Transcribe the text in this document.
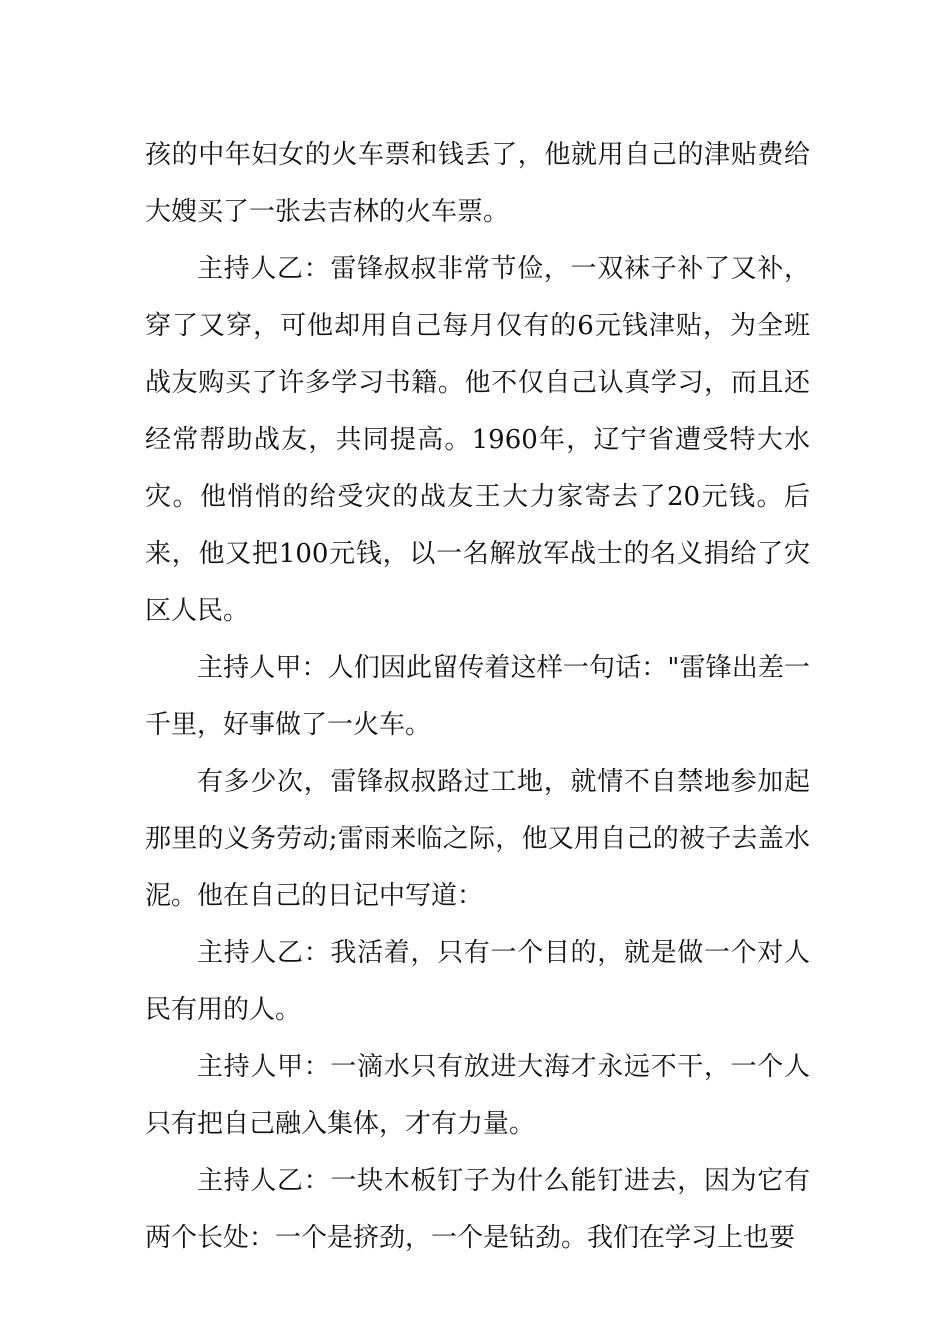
孩的中年妇女的火车票和钱丢了，他就用自己的津贴费给大嫂买了一张去吉林的火车票。

主持人乙：雷锋叔叔非常节俭，一双袜子补了又补，穿了又穿，可他却用自己每月仅有的6元钱津贴，为全班战友购买了许多学习书籍。他不仅自己认真学习，而且还经常帮助战友，共同提高。1960年，辽宁省遭受特大水灾。他悄悄的给受灾的战友王大力家寄去了20元钱。后来，他又把100元钱，以一名解放军战士的名义捐给了灾区人民。

主持人甲：人们因此留传着这样一句话："雷锋出差一千里，好事做了一火车。

有多少次，雷锋叔叔路过工地，就情不自禁地参加起那里的义务劳动;雷雨来临之际，他又用自己的被子去盖水泥。他在自己的日记中写道：

主持人乙：我活着，只有一个目的，就是做一个对人民有用的人。

主持人甲：一滴水只有放进大海才永远不干，一个人只有把自己融入集体，才有力量。

主持人乙：一块木板钉子为什么能钉进去，因为它有两个长处：一个是挤劲，一个是钻劲。我们在学习上也要
